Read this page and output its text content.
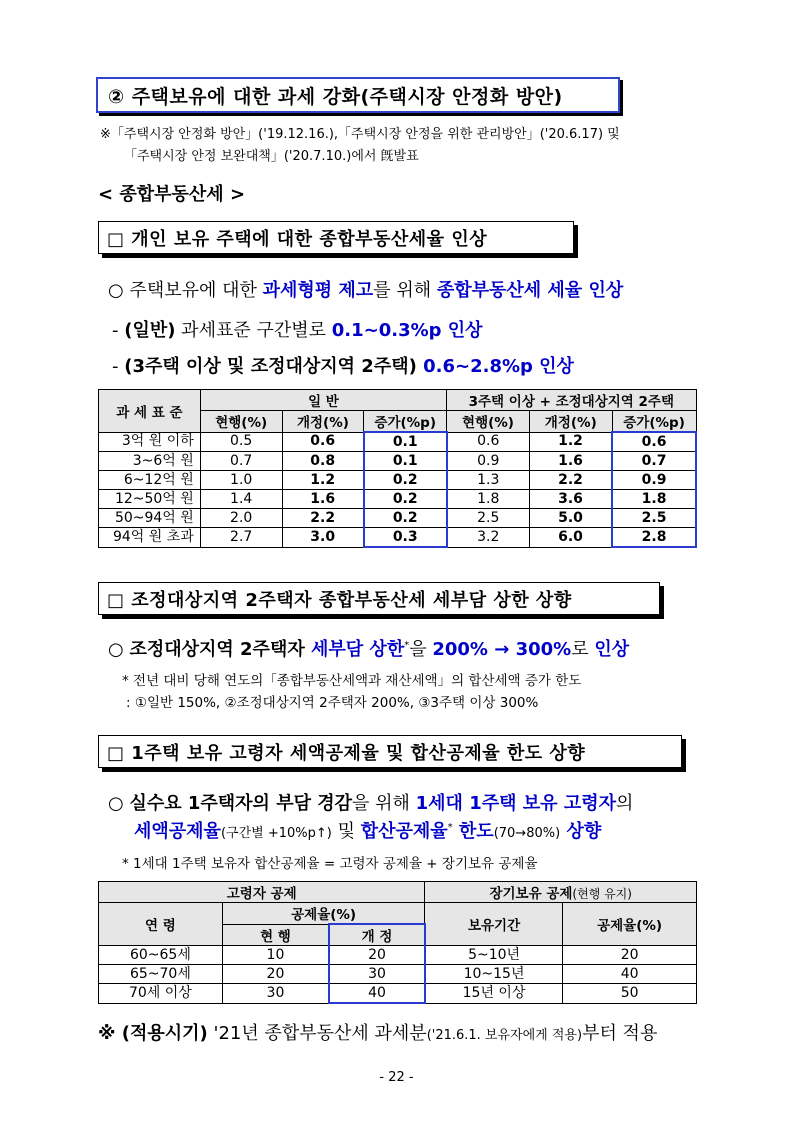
② 주택보유에 대한 과세 강화(주택시장 안정화 방안)
※「주택시장 안정화 방안」('19.12.16.),「주택시장 안정을 위한 관리방안」('20.6.17) 및
「주택시장 안정 보완대책」('20.7.10.)에서 旣발표
< 종합부동산세 >
□ 개인 보유 주택에 대한 종합부동산세율 인상
○ 주택보유에 대한 과세형평 제고를 위해 종합부동산세 세율 인상
- (일반) 과세표준 구간별로 0.1∼0.3%p 인상
- (3주택 이상 및 조정대상지역 2주택) 0.6∼2.8%p 인상
과 세 표 준	일 반			3주택 이상 + 조정대상지역 2주택		
	현행(%)	개정(%)	증가(%p)	현행(%)	개정(%)	증가(%p)
3억 원 이하	0.5	0.6	0.1	0.6	1.2	0.6
3~6억 원	0.7	0.8	0.1	0.9	1.6	0.7
6~12억 원	1.0	1.2	0.2	1.3	2.2	0.9
12~50억 원	1.4	1.6	0.2	1.8	3.6	1.8
50~94억 원	2.0	2.2	0.2	2.5	5.0	2.5
94억 원 초과	2.7	3.0	0.3	3.2	6.0	2.8
□ 조정대상지역 2주택자 종합부동산세 세부담 상한 상향
○ 조정대상지역 2주택자 세부담 상한*을 200% → 300%로 인상
* 전년 대비 당해 연도의「종합부동산세액과 재산세액」의 합산세액 증가 한도
: ①일반 150%, ②조정대상지역 2주택자 200%, ③3주택 이상 300%
□ 1주택 보유 고령자 세액공제율 및 합산공제율 한도 상향
○ 실수요 1주택자의 부담 경감을 위해 1세대 1주택 보유 고령자의
세액공제율(구간별 +10%p↑) 및 합산공제율* 한도(70→80%) 상향
* 1세대 1주택 보유자 합산공제율 = 고령자 공제율 + 장기보유 공제율
고령자 공제			장기보유 공제(현행 유지)	
연 령	공제율(%)		보유기간	공제율(%)
	현 행	개 정		
60~65세	10	20	5~10년	20
65~70세	20	30	10~15년	40
70세 이상	30	40	15년 이상	50
※ (적용시기) '21년 종합부동산세 과세분('21.6.1. 보유자에게 적용)부터 적용
- 22 -
